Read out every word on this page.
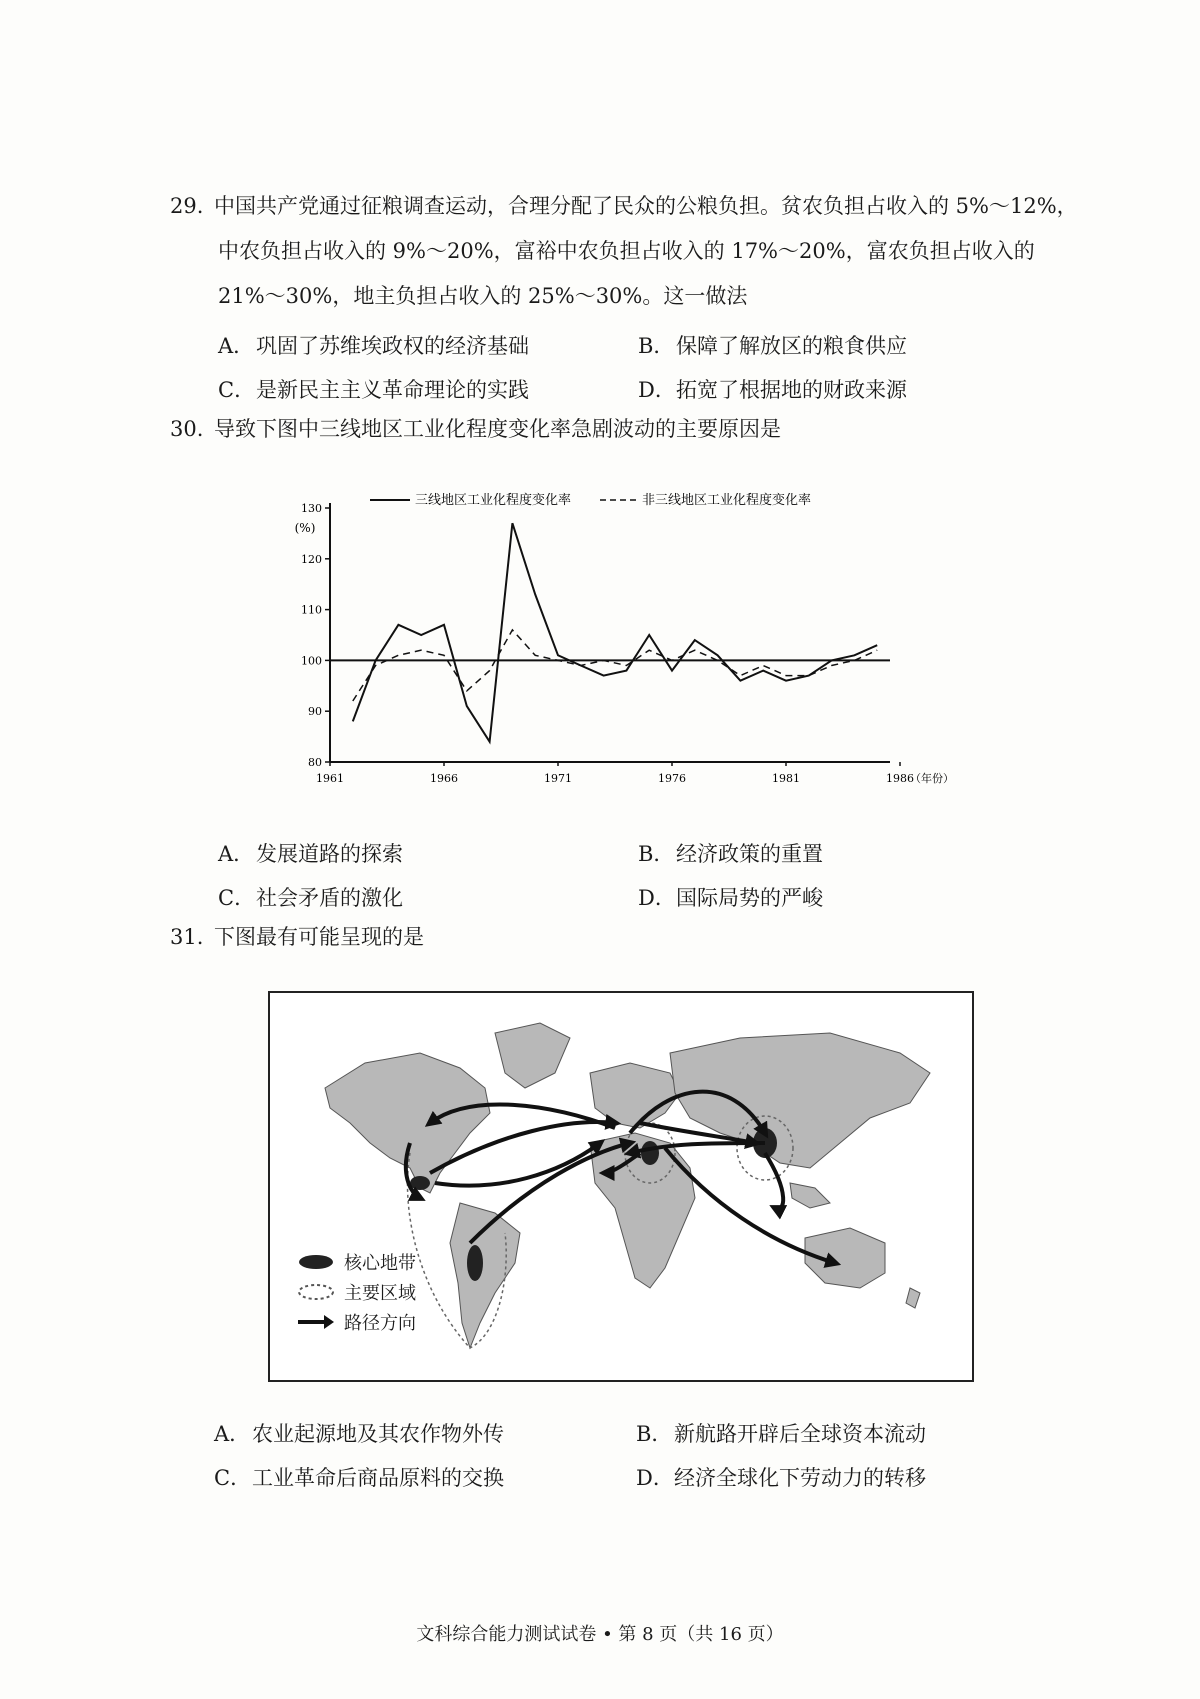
29. 中国共产党通过征粮调查运动，合理分配了民众的公粮负担。贫农负担占收入的 5%～12%，
中农负担占收入的 9%～20%，富裕中农负担占收入的 17%～20%，富农负担占收入的
21%～30%，地主负担占收入的 25%～30%。这一做法
A．巩固了苏维埃政权的经济基础	B．保障了解放区的粮食供应
C．是新民主主义革命理论的实践	D．拓宽了根据地的财政来源
30. 导致下图中三线地区工业化程度变化率急剧波动的主要原因是
80
90
100
110
120
130
1961	1966	1971	1976	1981	1986
（年份）
(%)
三线地区工业化程度变化率	非三线地区工业化程度变化率
A．发展道路的探索	B．经济政策的重置
C．社会矛盾的激化	D．国际局势的严峻
31. 下图最有可能呈现的是
核心地带
主要区域
路径方向
A．农业起源地及其农作物外传	B．新航路开辟后全球资本流动
C．工业革命后商品原料的交换	D．经济全球化下劳动力的转移
文科综合能力测试试卷 • 第 8 页（共 16 页）
